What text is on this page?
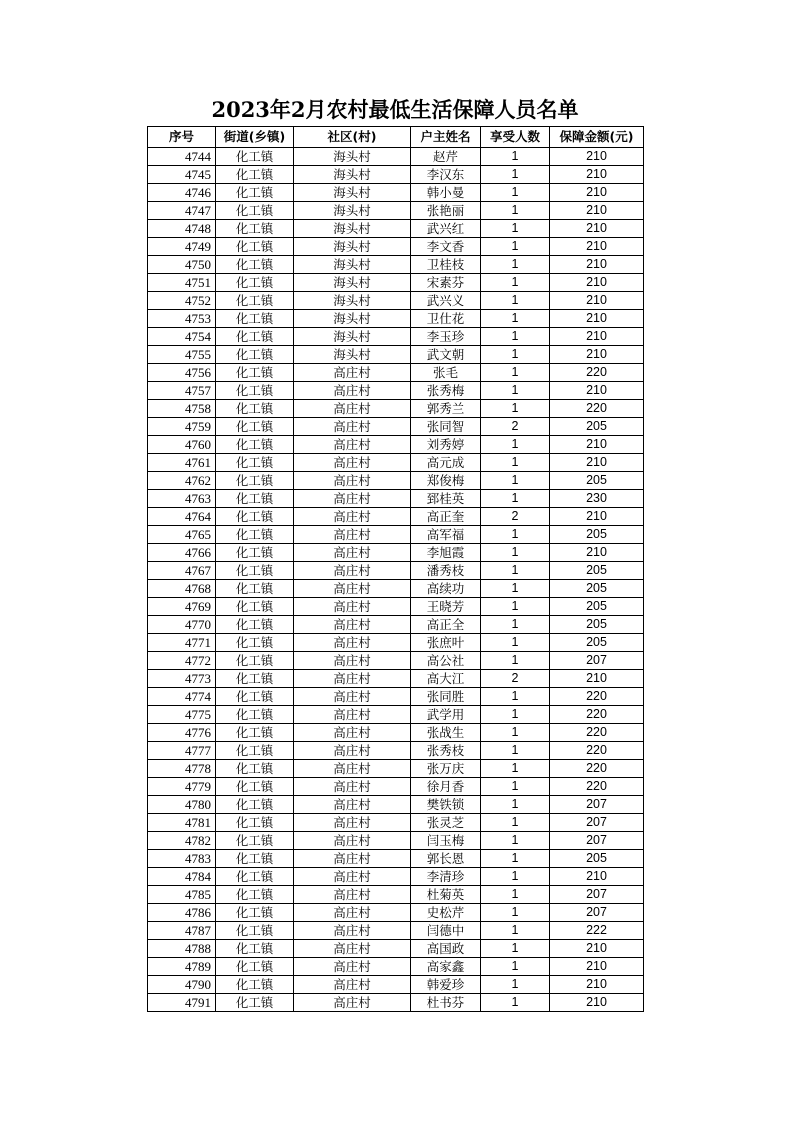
2023年2月农村最低生活保障人员名单
序号	街道(乡镇)	社区(村)	户主姓名	享受人数	保障金额(元)
4744	化工镇	海头村	赵芹	1	210
4745	化工镇	海头村	李汉东	1	210
4746	化工镇	海头村	韩小曼	1	210
4747	化工镇	海头村	张艳丽	1	210
4748	化工镇	海头村	武兴红	1	210
4749	化工镇	海头村	李文香	1	210
4750	化工镇	海头村	卫桂枝	1	210
4751	化工镇	海头村	宋素芬	1	210
4752	化工镇	海头村	武兴义	1	210
4753	化工镇	海头村	卫仕花	1	210
4754	化工镇	海头村	李玉珍	1	210
4755	化工镇	海头村	武文朝	1	210
4756	化工镇	高庄村	张毛	1	220
4757	化工镇	高庄村	张秀梅	1	210
4758	化工镇	高庄村	郭秀兰	1	220
4759	化工镇	高庄村	张同智	2	205
4760	化工镇	高庄村	刘秀婷	1	210
4761	化工镇	高庄村	高元成	1	210
4762	化工镇	高庄村	郑俊梅	1	205
4763	化工镇	高庄村	郅桂英	1	230
4764	化工镇	高庄村	高正奎	2	210
4765	化工镇	高庄村	高军福	1	205
4766	化工镇	高庄村	李旭霞	1	210
4767	化工镇	高庄村	潘秀枝	1	205
4768	化工镇	高庄村	高续功	1	205
4769	化工镇	高庄村	王晓芳	1	205
4770	化工镇	高庄村	高正全	1	205
4771	化工镇	高庄村	张庶叶	1	205
4772	化工镇	高庄村	高公社	1	207
4773	化工镇	高庄村	高大江	2	210
4774	化工镇	高庄村	张同胜	1	220
4775	化工镇	高庄村	武学用	1	220
4776	化工镇	高庄村	张战生	1	220
4777	化工镇	高庄村	张秀枝	1	220
4778	化工镇	高庄村	张万庆	1	220
4779	化工镇	高庄村	徐月香	1	220
4780	化工镇	高庄村	樊铁锁	1	207
4781	化工镇	高庄村	张灵芝	1	207
4782	化工镇	高庄村	闫玉梅	1	207
4783	化工镇	高庄村	郭长恩	1	205
4784	化工镇	高庄村	李清珍	1	210
4785	化工镇	高庄村	杜菊英	1	207
4786	化工镇	高庄村	史松芹	1	207
4787	化工镇	高庄村	闫德中	1	222
4788	化工镇	高庄村	高国政	1	210
4789	化工镇	高庄村	高家鑫	1	210
4790	化工镇	高庄村	韩爱珍	1	210
4791	化工镇	高庄村	杜书芬	1	210
